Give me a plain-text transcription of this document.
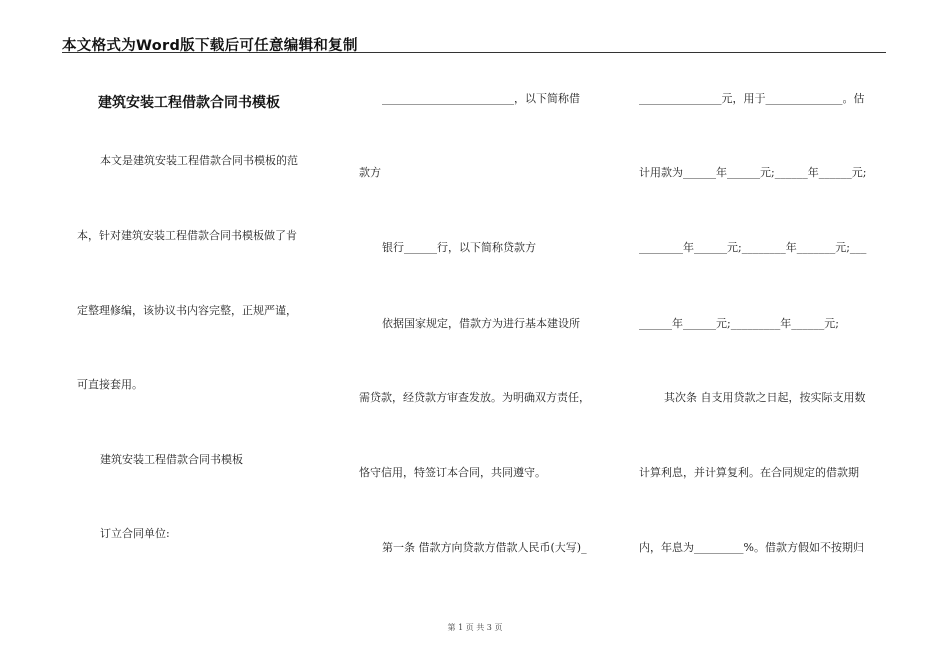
本文格式为Word版下载后可任意编辑和复制
建筑安装工程借款合同书模板
本文是建筑安装工程借款合同书模板的范
本，针对建筑安装工程借款合同书模板做了肯
定整理修编，该协议书内容完整，正规严谨，
可直接套用。
建筑安装工程借款合同书模板
订立合同单位:
________________________，以下简称借
款方
银行______行，以下简称贷款方
依据国家规定，借款方为进行基本建设所
需贷款，经贷款方审查发放。为明确双方责任，
恪守信用，特签订本合同，共同遵守。
第一条 借款方向贷款方借款人民币(大写)_
_______________元，用于______________。估
计用款为______年______元;______年______元;
________年______元;________年_______元;___
______年______元;_________年______元;
其次条 自支用贷款之日起，按实际支用数
计算利息，并计算复利。在合同规定的借款期
内，年息为_________%。借款方假如不按期归
第 1 页 共 3 页
